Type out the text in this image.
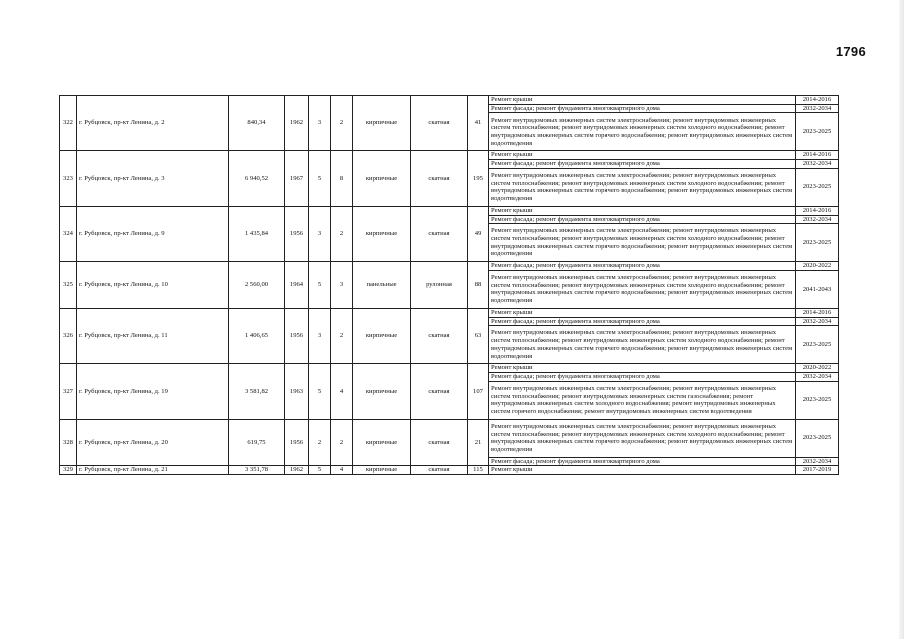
1796
322	г. Рубцовск, пр-кт Ленина, д. 2	840,34	1962	3	2	кирпичные	скатная	41	Ремонт крыши	2014-2016
									Ремонт фасада; ремонт фундамента многоквартирного дома	2032-2034
									Ремонт внутридомовых инженерных систем электроснабжения; ремонт внутридомовых инженерных систем теплоснабжения; ремонт внутридомовых инженерных систем холодного водоснабжения; ремонт внутридомовых инженерных систем горячего водоснабжения; ремонт внутридомовых инженерных систем водоотведения	2023-2025
323	г. Рубцовск, пр-кт Ленина, д. 3	6 940,52	1967	5	8	кирпичные	скатная	195	Ремонт крыши	2014-2016
									Ремонт фасада; ремонт фундамента многоквартирного дома	2032-2034
									Ремонт внутридомовых инженерных систем электроснабжения; ремонт внутридомовых инженерных систем теплоснабжения; ремонт внутридомовых инженерных систем холодного водоснабжения; ремонт внутридомовых инженерных систем горячего водоснабжения; ремонт внутридомовых инженерных систем водоотведения	2023-2025
324	г. Рубцовск, пр-кт Ленина, д. 9	1 435,84	1956	3	2	кирпичные	скатная	49	Ремонт крыши	2014-2016
									Ремонт фасада; ремонт фундамента многоквартирного дома	2032-2034
									Ремонт внутридомовых инженерных систем электроснабжения; ремонт внутридомовых инженерных систем теплоснабжения; ремонт внутридомовых инженерных систем холодного водоснабжения; ремонт внутридомовых инженерных систем горячего водоснабжения; ремонт внутридомовых инженерных систем водоотведения	2023-2025
325	г. Рубцовск, пр-кт Ленина, д. 10	2 560,00	1964	5	3	панельные	рулонная	88	Ремонт фасада; ремонт фундамента многоквартирного дома	2020-2022
									Ремонт внутридомовых инженерных систем электроснабжения; ремонт внутридомовых инженерных систем теплоснабжения; ремонт внутридомовых инженерных систем холодного водоснабжения; ремонт внутридомовых инженерных систем горячего водоснабжения; ремонт внутридомовых инженерных систем водоотведения	2041-2043
326	г. Рубцовск, пр-кт Ленина, д. 11	1 406,65	1956	3	2	кирпичные	скатная	63	Ремонт крыши	2014-2016
									Ремонт фасада; ремонт фундамента многоквартирного дома	2032-2034
									Ремонт внутридомовых инженерных систем электроснабжения; ремонт внутридомовых инженерных систем теплоснабжения; ремонт внутридомовых инженерных систем холодного водоснабжения; ремонт внутридомовых инженерных систем горячего водоснабжения; ремонт внутридомовых инженерных систем водоотведения	2023-2025
327	г. Рубцовск, пр-кт Ленина, д. 19	3 581,82	1963	5	4	кирпичные	скатная	107	Ремонт крыши	2020-2022
									Ремонт фасада; ремонт фундамента многоквартирного дома	2032-2034
									Ремонт внутридомовых инженерных систем электроснабжения; ремонт внутридомовых инженерных систем теплоснабжения; ремонт внутридомовых инженерных систем газоснабжения; ремонт внутридомовых инженерных систем холодного водоснабжения; ремонт внутридомовых инженерных систем горячего водоснабжения; ремонт внутридомовых инженерных систем водоотведения	2023-2025
328	г. Рубцовск, пр-кт Ленина, д. 20	619,75	1956	2	2	кирпичные	скатная	21	Ремонт внутридомовых инженерных систем электроснабжения; ремонт внутридомовых инженерных систем теплоснабжения; ремонт внутридомовых инженерных систем холодного водоснабжения; ремонт внутридомовых инженерных систем горячего водоснабжения; ремонт внутридомовых инженерных систем водоотведения	2023-2025
									Ремонт фасада; ремонт фундамента многоквартирного дома	2032-2034
329	г. Рубцовск, пр-кт Ленина, д. 21	3 351,78	1962	5	4	кирпичные	скатная	115	Ремонт крыши	2017-2019
